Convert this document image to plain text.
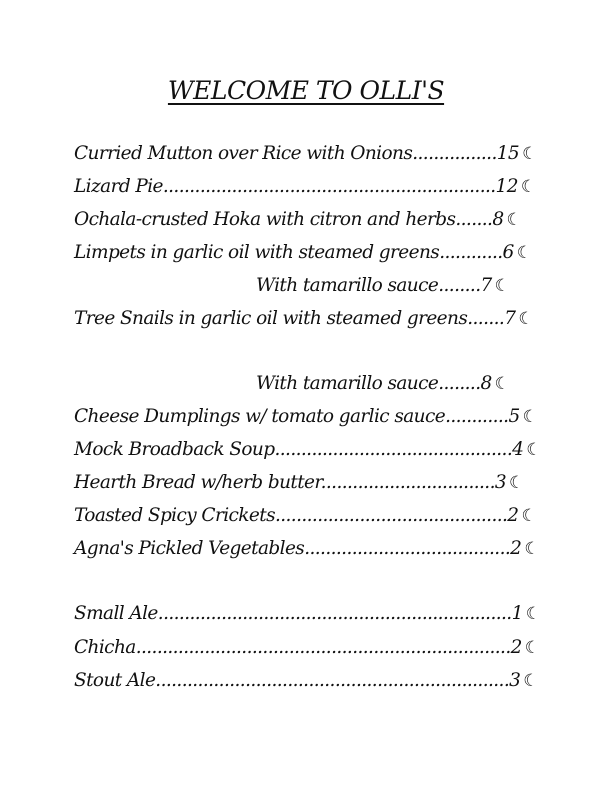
WELCOME TO OLLI'S
Curried Mutton over Rice with Onions................15 ☾
Lizard Pie...............................................................12 ☾
Ochala-crusted Hoka with citron and herbs.......8 ☾
Limpets in garlic oil with steamed greens............6 ☾
With tamarillo sauce........7 ☾
Tree Snails in garlic oil with steamed greens.......7 ☾
With tamarillo sauce........8 ☾
Cheese Dumplings w/ tomato garlic sauce............5 ☾
Mock Broadback Soup.............................................4 ☾
Hearth Bread w/herb butter.................................3 ☾
Toasted Spicy Crickets............................................2 ☾
Agna's Pickled Vegetables.......................................2 ☾
Small Ale...................................................................1 ☾
Chicha.......................................................................2 ☾
Stout Ale...................................................................3 ☾
